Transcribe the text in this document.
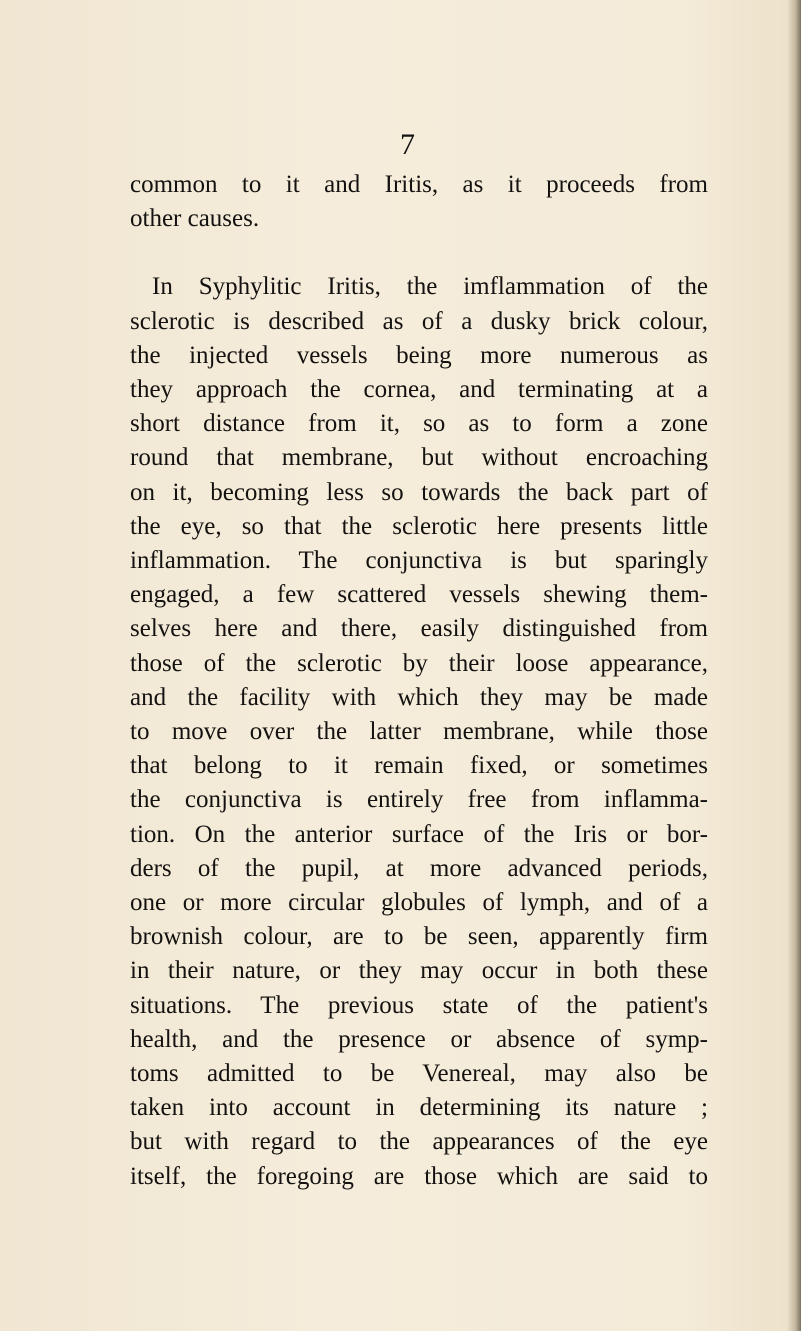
7
common to it and Iritis, as it proceeds from
other causes.
In Syphylitic Iritis, the imflammation of the
sclerotic is described as of a dusky brick colour,
the injected vessels being more numerous as
they approach the cornea, and terminating at a
short distance from it, so as to form a zone
round that membrane, but without encroaching
on it, becoming less so towards the back part of
the eye, so that the sclerotic here presents little
inflammation. The conjunctiva is but sparingly
engaged, a few scattered vessels shewing them-
selves here and there, easily distinguished from
those of the sclerotic by their loose appearance,
and the facility with which they may be made
to move over the latter membrane, while those
that belong to it remain fixed, or sometimes
the conjunctiva is entirely free from inflamma-
tion. On the anterior surface of the Iris or bor-
ders of the pupil, at more advanced periods,
one or more circular globules of lymph, and of a
brownish colour, are to be seen, apparently firm
in their nature, or they may occur in both these
situations. The previous state of the patient's
health, and the presence or absence of symp-
toms admitted to be Venereal, may also be
taken into account in determining its nature ;
but with regard to the appearances of the eye
itself, the foregoing are those which are said to
